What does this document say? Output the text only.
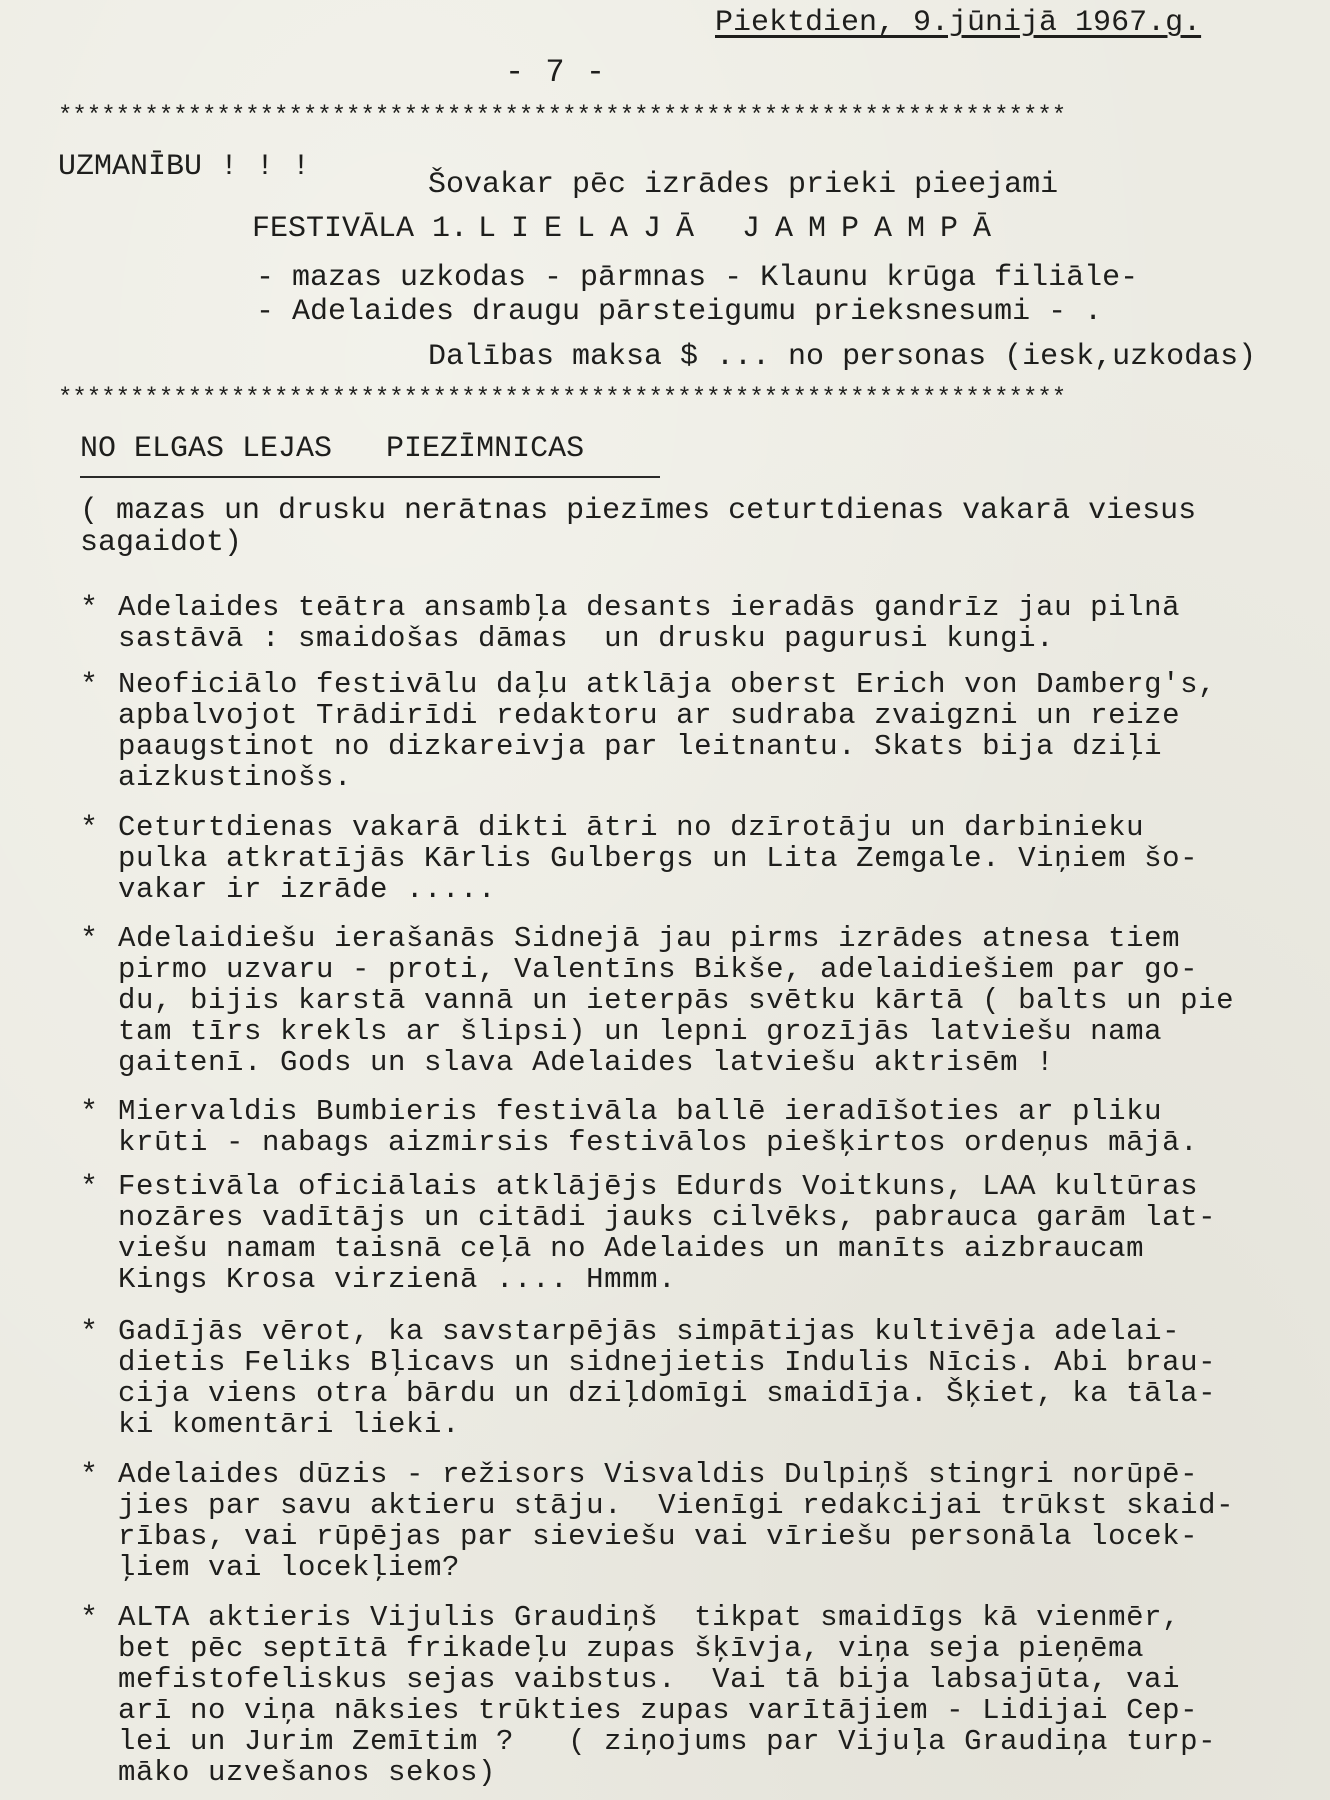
Piektdien, 9.jūnijā 1967.g.
- 7 -
**********************************************************************
UZMANĪBU ! ! !
Šovakar pēc izrādes prieki pieejami
FESTIVĀLA 1. LIELAJĀ JAMPAMPĀ
- mazas uzkodas - pārmnas - Klaunu krūga filiāle-
- Adelaides draugu pārsteigumu prieksnesumi - .
Dalības maksa $ ... no personas (iesk,uzkodas)
**********************************************************************
NO ELGAS LEJAS   PIEZĪMNICAS
( mazas un drusku nerātnas piezīmes ceturtdienas vakarā viesus
sagaidot)
* Adelaides teātra ansambļa desants ieradās gandrīz jau pilnā
sastāvā : smaidošas dāmas  un drusku pagurusi kungi.
* Neoficiālo festivālu daļu atklāja oberst Erich von Damberg's,
apbalvojot Trādirīdi redaktoru ar sudraba zvaigzni un reize
paaugstinot no dizkareivja par leitnantu. Skats bija dziļi
aizkustinošs.
* Ceturtdienas vakarā dikti ātri no dzīrotāju un darbinieku
pulka atkratījās Kārlis Gulbergs un Lita Zemgale. Viņiem šo-
vakar ir izrāde .....
* Adelaidiešu ierašanās Sidnejā jau pirms izrādes atnesa tiem
pirmo uzvaru - proti, Valentīns Bikše, adelaidiešiem par go-
du, bijis karstā vannā un ieterpās svētku kārtā ( balts un pie
tam tīrs krekls ar šlipsi) un lepni grozījās latviešu nama
gaitenī. Gods un slava Adelaides latviešu aktrisēm !
* Miervaldis Bumbieris festivāla ballē ieradīšoties ar pliku
krūti - nabags aizmirsis festivālos piešķirtos ordeņus mājā.
* Festivāla oficiālais atklājējs Edurds Voitkuns, LAA kultūras
nozāres vadītājs un citādi jauks cilvēks, pabrauca garām lat-
viešu namam taisnā ceļā no Adelaides un manīts aizbraucam
Kings Krosa virzienā .... Hmmm.
* Gadījās vērot, ka savstarpējās simpātijas kultivēja adelai-
dietis Feliks Bļicavs un sidnejietis Indulis Nīcis. Abi brau-
cija viens otra bārdu un dziļdomīgi smaidīja. Šķiet, ka tāla-
ki komentāri lieki.
* Adelaides dūzis - režisors Visvaldis Dulpiņš stingri norūpē-
jies par savu aktieru stāju.  Vienīgi redakcijai trūkst skaid-
rības, vai rūpējas par sieviešu vai vīriešu personāla locek-
ļiem vai locekļiem?
* ALTA aktieris Vijulis Graudiņš  tikpat smaidīgs kā vienmēr,
bet pēc septītā frikadeļu zupas šķīvja, viņa seja pieņēma
mefistofeliskus sejas vaibstus.  Vai tā bija labsajūta, vai
arī no viņa nāksies trūkties zupas varītājiem - Lidijai Cep-
lei un Jurim Zemītim ?   ( ziņojums par Vijuļa Graudiņa turp-
māko uzvešanos sekos)
